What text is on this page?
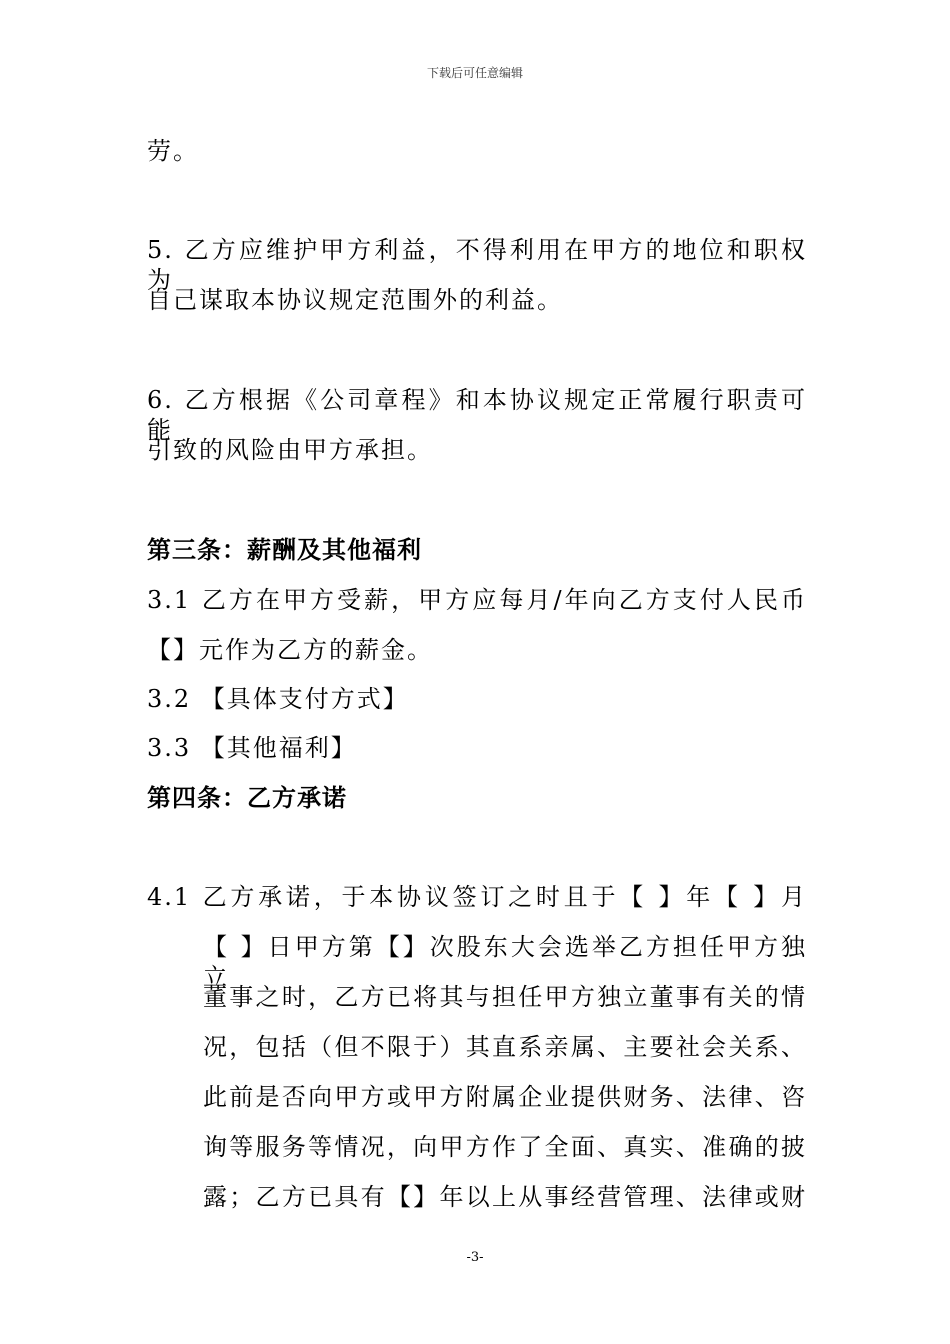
下载后可任意编辑
劳。
5. 乙方应维护甲方利益，不得利用在甲方的地位和职权为
自己谋取本协议规定范围外的利益。
6. 乙方根据《公司章程》和本协议规定正常履行职责可能
引致的风险由甲方承担。
第三条：薪酬及其他福利
3.1 乙方在甲方受薪，甲方应每月/年向乙方支付人民币
【】元作为乙方的薪金。
3.2 【具体支付方式】
3.3 【其他福利】
第四条：乙方承诺
4.1 乙方承诺，于本协议签订之时且于【 】年【 】月
【 】日甲方第【】次股东大会选举乙方担任甲方独立
董事之时，乙方已将其与担任甲方独立董事有关的情
况，包括（但不限于）其直系亲属、主要社会关系、
此前是否向甲方或甲方附属企业提供财务、法律、咨
询等服务等情况，向甲方作了全面、真实、准确的披
露；乙方已具有【】年以上从事经营管理、法律或财
-3-
